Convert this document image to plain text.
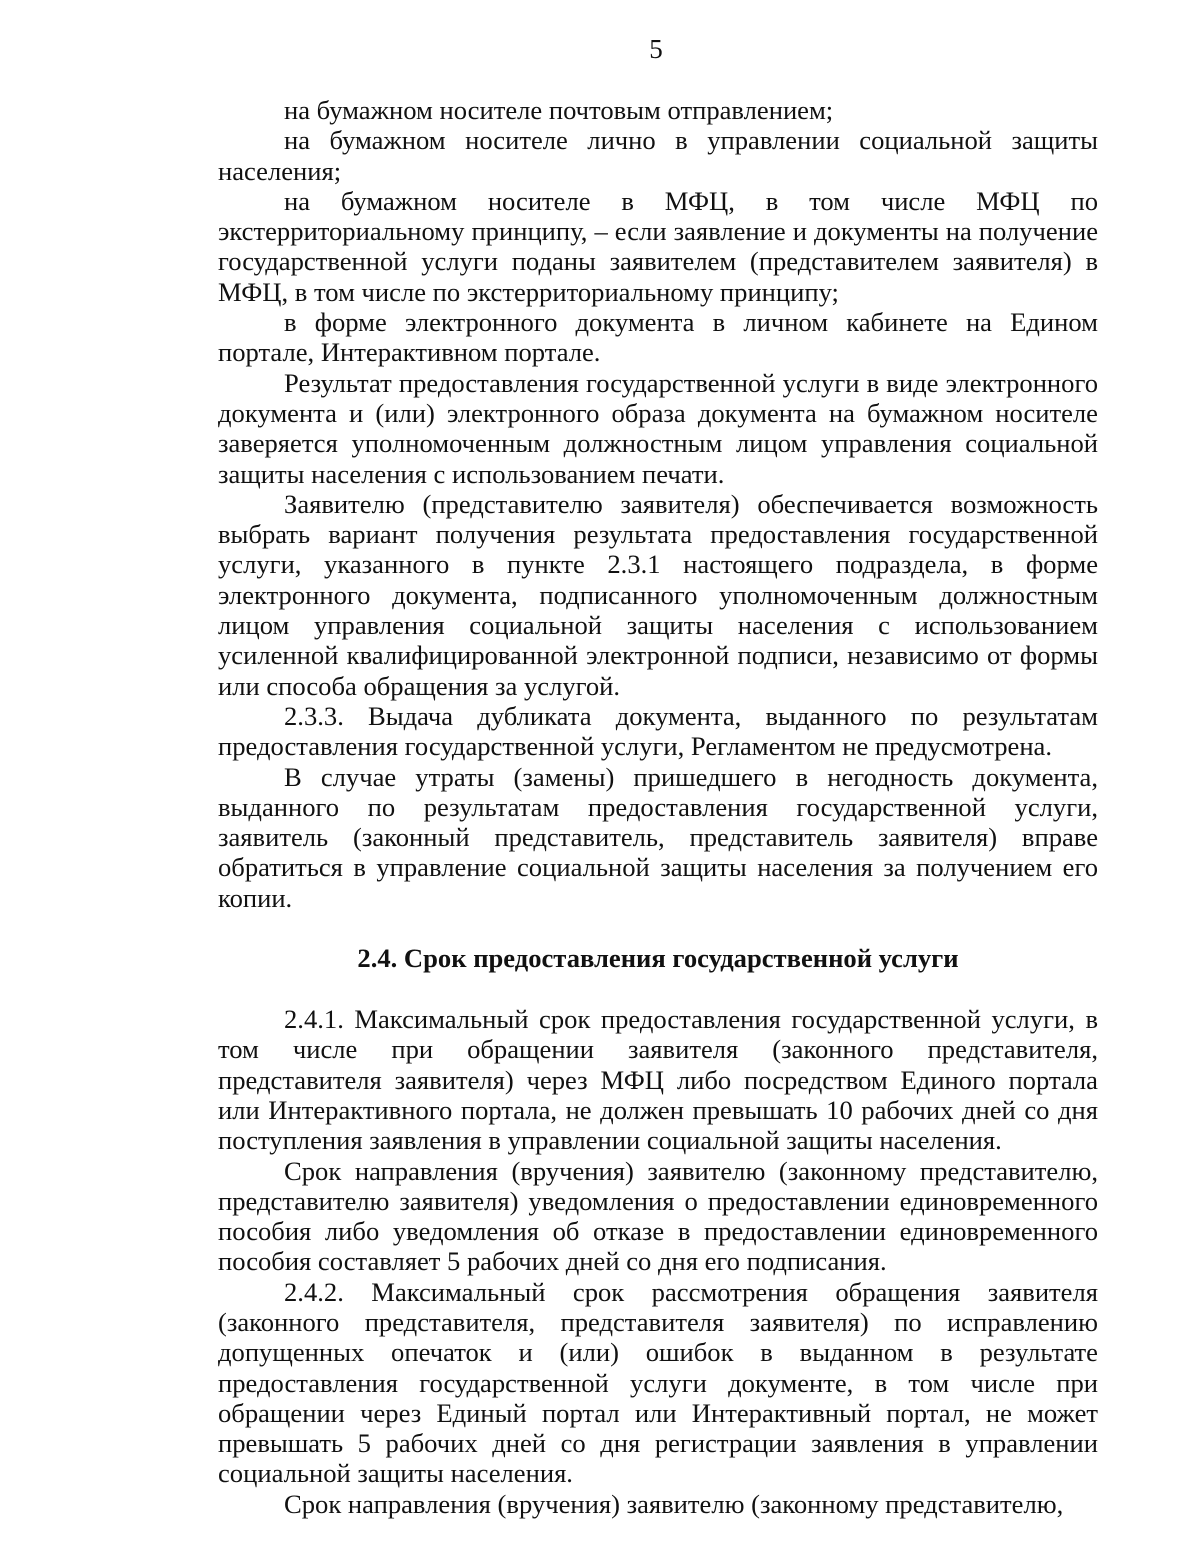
5

на бумажном носителе почтовым отправлением;

на бумажном носителе лично в управлении социальной защиты населения;

на бумажном носителе в МФЦ, в том числе МФЦ по экстерриториальному принципу, – если заявление и документы на получение государственной услуги поданы заявителем (представителем заявителя) в МФЦ, в том числе по экстерриториальному принципу;

в форме электронного документа в личном кабинете на Едином портале, Интерактивном портале.

Результат предоставления государственной услуги в виде электронного документа и (или) электронного образа документа на бумажном носителе заверяется уполномоченным должностным лицом управления социальной защиты населения с использованием печати.

Заявителю (представителю заявителя) обеспечивается возможность выбрать вариант получения результата предоставления государственной услуги, указанного в пункте 2.3.1 настоящего подраздела, в форме электронного документа, подписанного уполномоченным должностным лицом управления социальной защиты населения с использованием усиленной квалифицированной электронной подписи, независимо от формы или способа обращения за услугой.

2.3.3. Выдача дубликата документа, выданного по результатам предоставления государственной услуги, Регламентом не предусмотрена.

В случае утраты (замены) пришедшего в негодность документа, выданного по результатам предоставления государственной услуги, заявитель (законный представитель, представитель заявителя) вправе обратиться в управление социальной защиты населения за получением его копии.

2.4. Срок предоставления государственной услуги

2.4.1. Максимальный срок предоставления государственной услуги, в том числе при обращении заявителя (законного представителя, представителя заявителя) через МФЦ либо посредством Единого портала или Интерактивного портала, не должен превышать 10 рабочих дней со дня поступления заявления в управлении социальной защиты населения.

Срок направления (вручения) заявителю (законному представителю, представителю заявителя) уведомления о предоставлении единовременного пособия либо уведомления об отказе в предоставлении единовременного пособия составляет 5 рабочих дней со дня его подписания.

2.4.2. Максимальный срок рассмотрения обращения заявителя (законного представителя, представителя заявителя) по исправлению допущенных опечаток и (или) ошибок в выданном в результате предоставления государственной услуги документе, в том числе при обращении через Единый портал или Интерактивный портал, не может превышать 5 рабочих дней со дня регистрации заявления в управлении социальной защиты населения.

Срок направления (вручения) заявителю (законному представителю,
